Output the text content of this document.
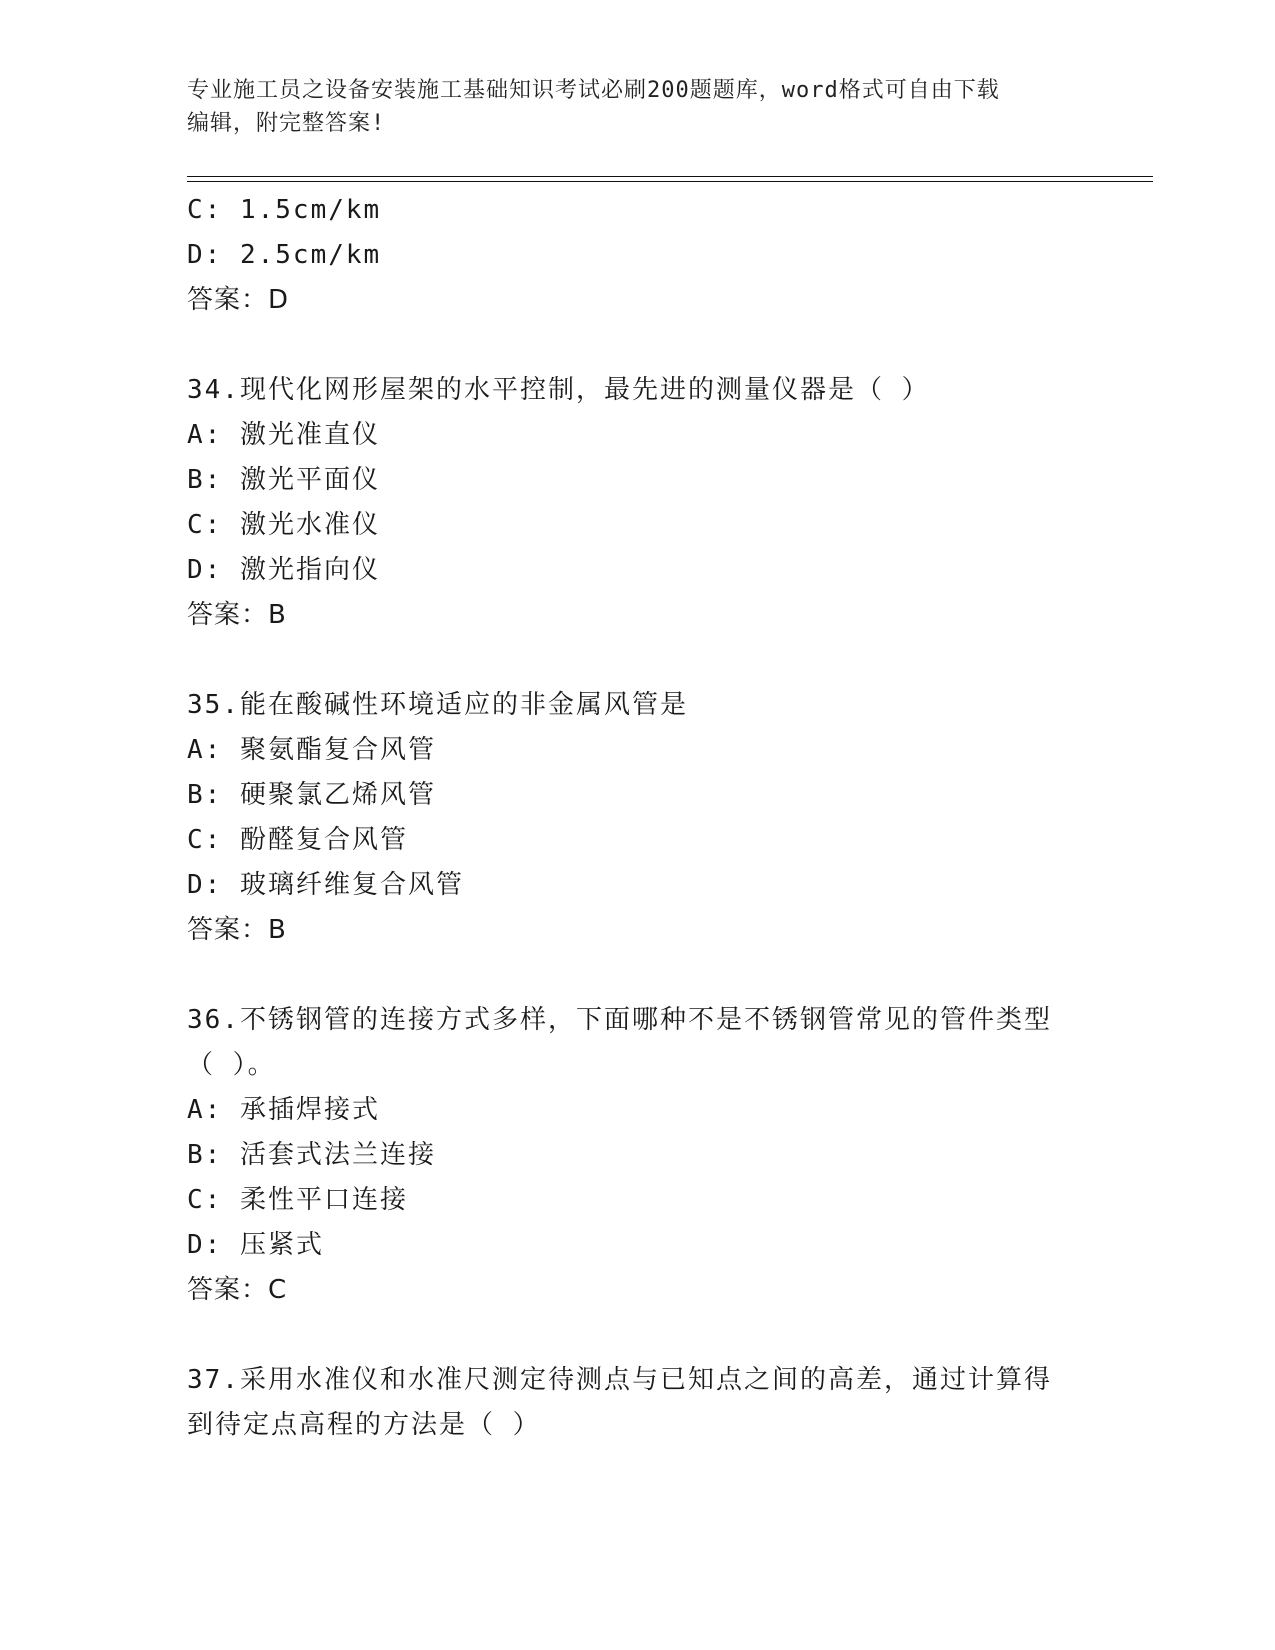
专业施工员之设备安装施工基础知识考试必刷200题题库，word格式可自由下载
编辑，附完整答案!
C: 1.5cm/km
D: 2.5cm/km
答案：D
34.现代化网形屋架的水平控制，最先进的测量仪器是（ ）
A: 激光准直仪
B: 激光平面仪
C: 激光水准仪
D: 激光指向仪
答案：B
35.能在酸碱性环境适应的非金属风管是
A: 聚氨酯复合风管
B: 硬聚氯乙烯风管
C: 酚醛复合风管
D: 玻璃纤维复合风管
答案：B
36.不锈钢管的连接方式多样，下面哪种不是不锈钢管常见的管件类型
（ ）。
A: 承插焊接式
B: 活套式法兰连接
C: 柔性平口连接
D: 压紧式
答案：C
37.采用水准仪和水准尺测定待测点与已知点之间的高差，通过计算得
到待定点高程的方法是（ ）
